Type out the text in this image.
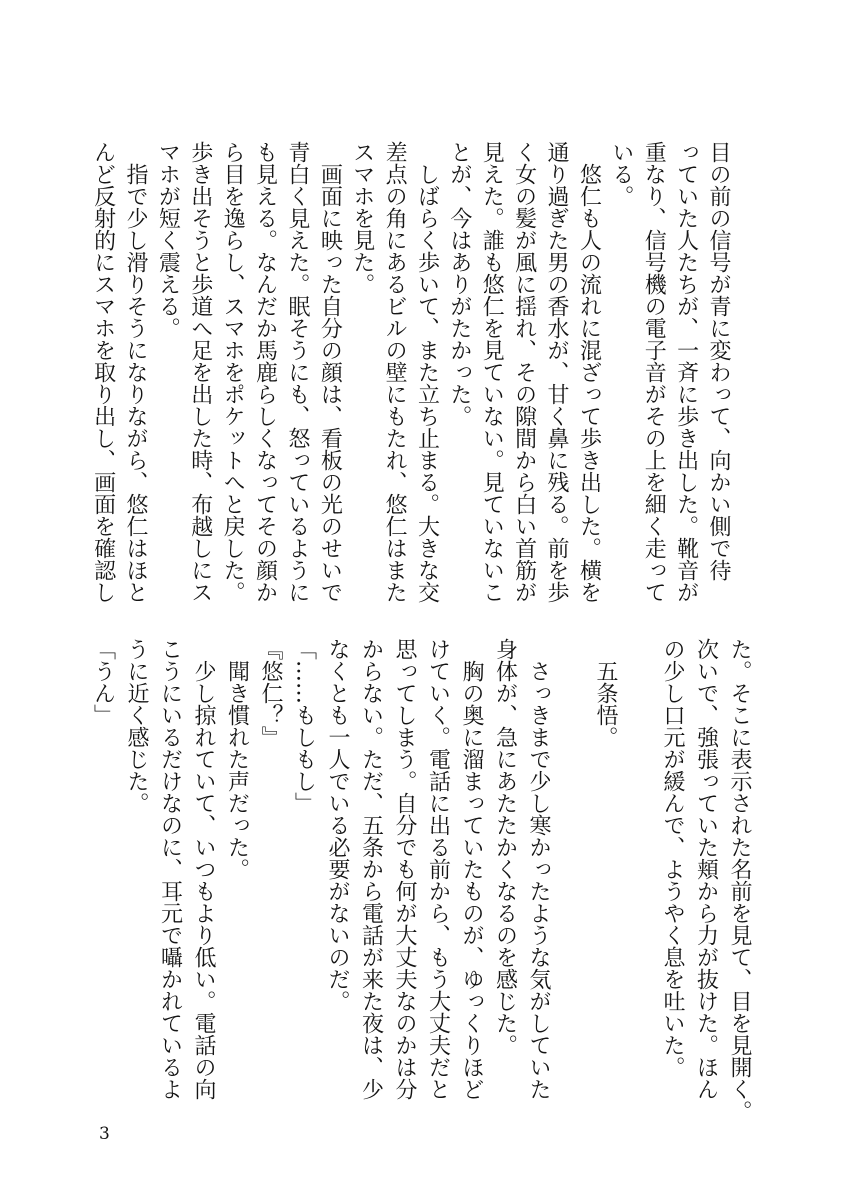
目の前の信号が青に変わって、向かい側で待
っていた人たちが、一斉に歩き出した。靴音が
重なり、信号機の電子音がその上を細く走って
いる。
　悠仁も人の流れに混ざって歩き出した。横を
通り過ぎた男の香水が、甘く鼻に残る。前を歩
く女の髪が風に揺れ、その隙間から白い首筋が
見えた。誰も悠仁を見ていない。見ていないこ
とが、今はありがたかった。
　しばらく歩いて、また立ち止まる。大きな交
差点の角にあるビルの壁にもたれ、悠仁はまた
スマホを見た。
　画面に映った自分の顔は、看板の光のせいで
青白く見えた。眠そうにも、怒っているように
も見える。なんだか馬鹿らしくなってその顔か
ら目を逸らし、スマホをポケットへと戻した。
歩き出そうと歩道へ足を出した時、布越しにス
マホが短く震える。
　指で少し滑りそうになりながら、悠仁はほと
んど反射的にスマホを取り出し、画面を確認し
た。そこに表示された名前を見て、目を見開く。
次いで、強張っていた頬から力が抜けた。ほん
の少し口元が緩んで、ようやく息を吐いた。
　五条悟。
　さっきまで少し寒かったような気がしていた
身体が、急にあたたかくなるのを感じた。
　胸の奥に溜まっていたものが、ゆっくりほど
けていく。電話に出る前から、もう大丈夫だと
思ってしまう。自分でも何が大丈夫なのかは分
からない。ただ、五条から電話が来た夜は、少
なくとも一人でいる必要がないのだ。
「……もしもし」
『悠仁？』
　聞き慣れた声だった。
　少し掠れていて、いつもより低い。電話の向
こうにいるだけなのに、耳元で囁かれているよ
うに近く感じた。
「うん」
3
